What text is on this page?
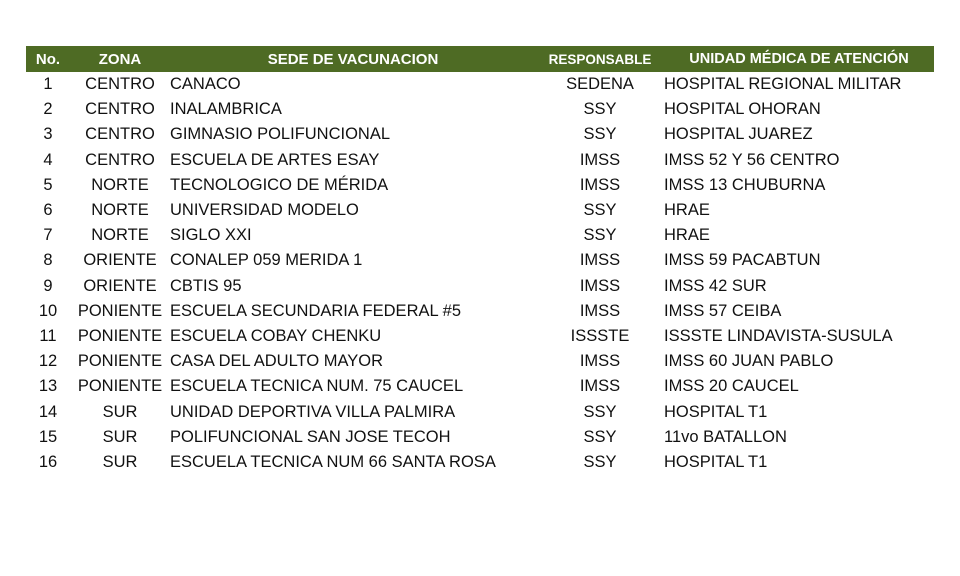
No.	ZONA	SEDE DE VACUNACION	RESPONSABLE	UNIDAD MÉDICA DE ATENCIÓN
1	CENTRO	CANACO	SEDENA	HOSPITAL REGIONAL MILITAR
2	CENTRO	INALAMBRICA	SSY	HOSPITAL OHORAN
3	CENTRO	GIMNASIO POLIFUNCIONAL	SSY	HOSPITAL JUAREZ
4	CENTRO	ESCUELA DE ARTES ESAY	IMSS	IMSS 52 Y 56 CENTRO
5	NORTE	TECNOLOGICO DE MÉRIDA	IMSS	IMSS 13 CHUBURNA
6	NORTE	UNIVERSIDAD MODELO	SSY	HRAE
7	NORTE	SIGLO XXI	SSY	HRAE
8	ORIENTE	CONALEP 059 MERIDA 1	IMSS	IMSS 59 PACABTUN
9	ORIENTE	CBTIS 95	IMSS	IMSS 42 SUR
10	PONIENTE	ESCUELA SECUNDARIA FEDERAL #5	IMSS	IMSS 57 CEIBA
11	PONIENTE	ESCUELA COBAY CHENKU	ISSSTE	ISSSTE LINDAVISTA-SUSULA
12	PONIENTE	CASA DEL ADULTO MAYOR	IMSS	IMSS 60 JUAN PABLO
13	PONIENTE	ESCUELA TECNICA NUM. 75 CAUCEL	IMSS	IMSS 20 CAUCEL
14	SUR	UNIDAD DEPORTIVA VILLA PALMIRA	SSY	HOSPITAL T1
15	SUR	POLIFUNCIONAL SAN JOSE TECOH	SSY	11vo BATALLON
16	SUR	ESCUELA TECNICA NUM 66 SANTA ROSA	SSY	HOSPITAL T1
